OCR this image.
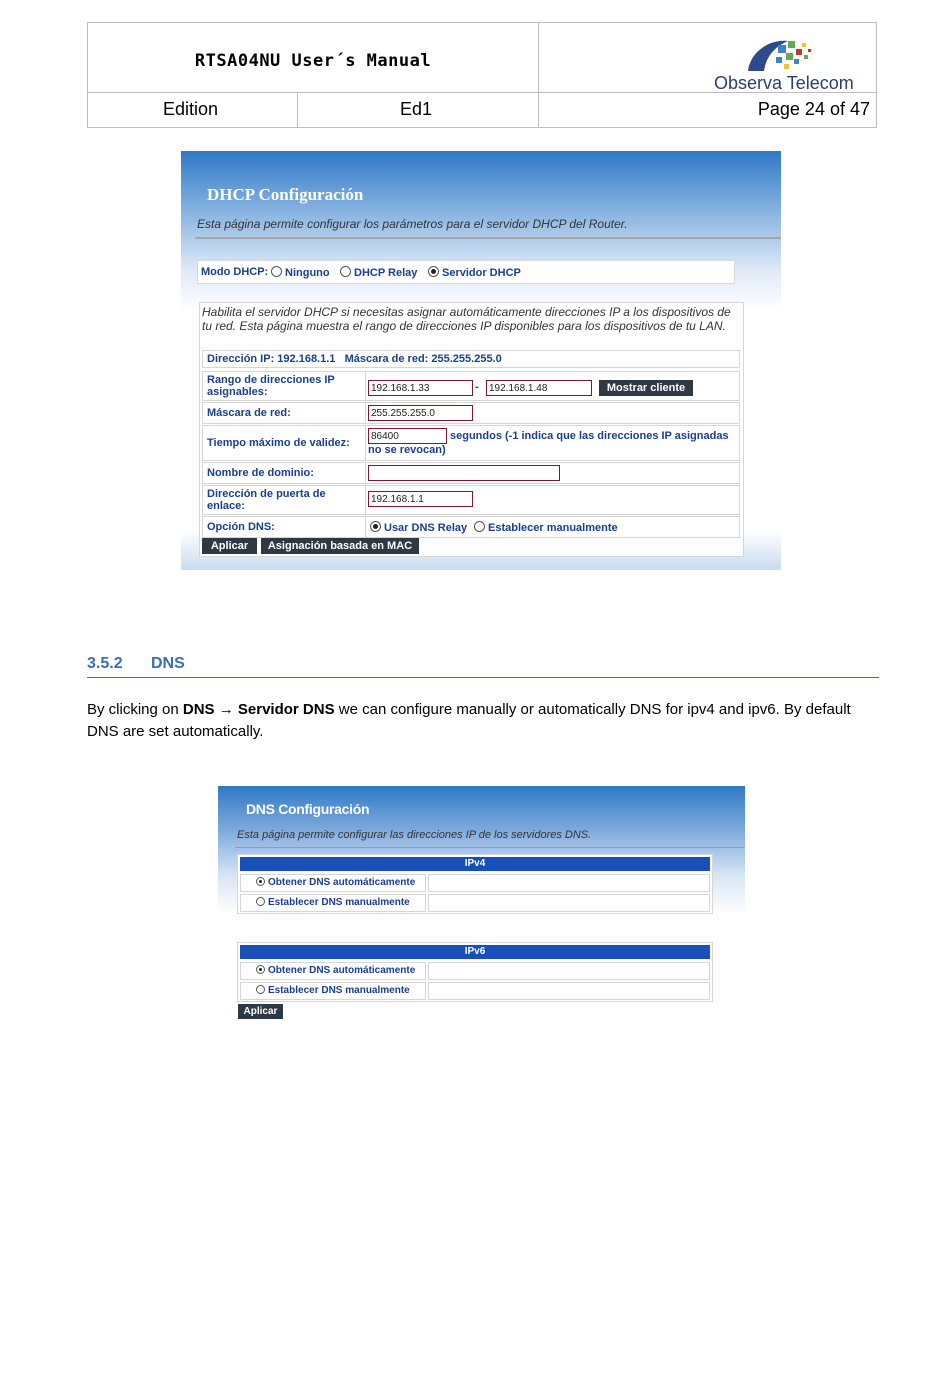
RTSA04NU User´s Manual
Observa Telecom
Edition	Ed1	Page 24 of 47
DHCP Configuración
Esta página permite configurar los parámetros para el servidor DHCP del Router.
Modo DHCP:	Ninguno	DHCP Relay	Servidor DHCP
Habilita el servidor DHCP si necesitas asignar automáticamente direcciones IP a los dispositivos de tu red. Esta página muestra el rango de direcciones IP disponibles para los dispositivos de tu LAN.
Dirección IP: 192.168.1.1   Máscara de red: 255.255.255.0
Rango de direcciones IP asignables:	192.168.1.33	-	192.168.1.48	Mostrar cliente
Máscara de red:	255.255.255.0
Tiempo máximo de validez:
86400	segundos (-1 indica que las direcciones IP asignadas no se revocan)
Nombre de dominio:
Dirección de puerta de enlace:
192.168.1.1
Opción DNS:	Usar DNS Relay	Establecer manualmente
Aplicar	Asignación basada en MAC
3.5.2 DNS
By clicking on DNS → Servidor DNS we can configure manually or automatically DNS for ipv4 and ipv6. By default DNS are set automatically.
DNS Configuración
Esta página permite configurar las direcciones IP de los servidores DNS.
IPv4
Obtener DNS automáticamente
Establecer DNS manualmente
IPv6
Obtener DNS automáticamente
Establecer DNS manualmente
Aplicar
